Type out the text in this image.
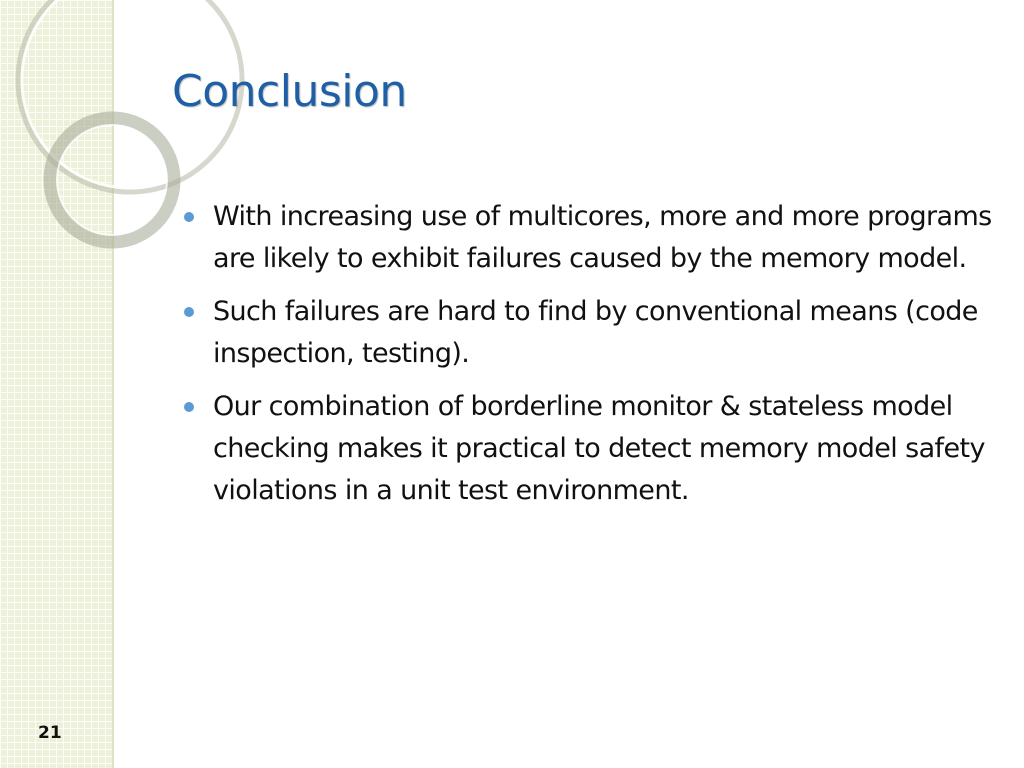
Conclusion
With increasing use of multicores, more and more programs are likely to exhibit failures caused by the memory model.
Such failures are hard to find by conventional means (code inspection, testing).
Our combination of borderline monitor & stateless model checking makes it practical to detect memory model safety violations in a unit test environment.
21
